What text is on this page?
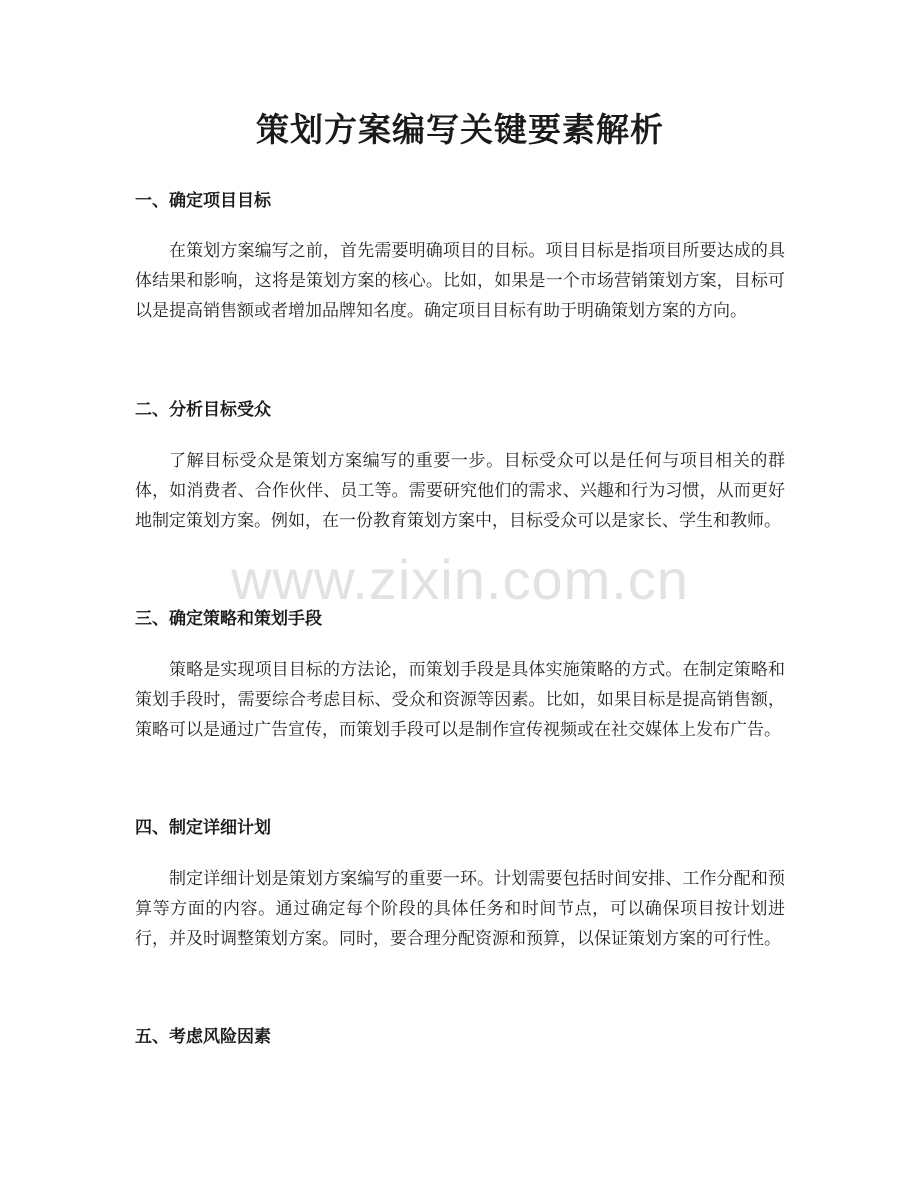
策划方案编写关键要素解析
一、确定项目目标

在策划方案编写之前，首先需要明确项目的目标。项目目标是指项目所要达成的具体结果和影响，这将是策划方案的核心。比如，如果是一个市场营销策划方案，目标可以是提高销售额或者增加品牌知名度。确定项目目标有助于明确策划方案的方向。

二、分析目标受众

了解目标受众是策划方案编写的重要一步。目标受众可以是任何与项目相关的群体，如消费者、合作伙伴、员工等。需要研究他们的需求、兴趣和行为习惯，从而更好地制定策划方案。例如，在一份教育策划方案中，目标受众可以是家长、学生和教师。

三、确定策略和策划手段

策略是实现项目目标的方法论，而策划手段是具体实施策略的方式。在制定策略和策划手段时，需要综合考虑目标、受众和资源等因素。比如，如果目标是提高销售额，策略可以是通过广告宣传，而策划手段可以是制作宣传视频或在社交媒体上发布广告。

四、制定详细计划

制定详细计划是策划方案编写的重要一环。计划需要包括时间安排、工作分配和预算等方面的内容。通过确定每个阶段的具体任务和时间节点，可以确保项目按计划进行，并及时调整策划方案。同时，要合理分配资源和预算，以保证策划方案的可行性。

五、考虑风险因素
www.zixin.com.cn
